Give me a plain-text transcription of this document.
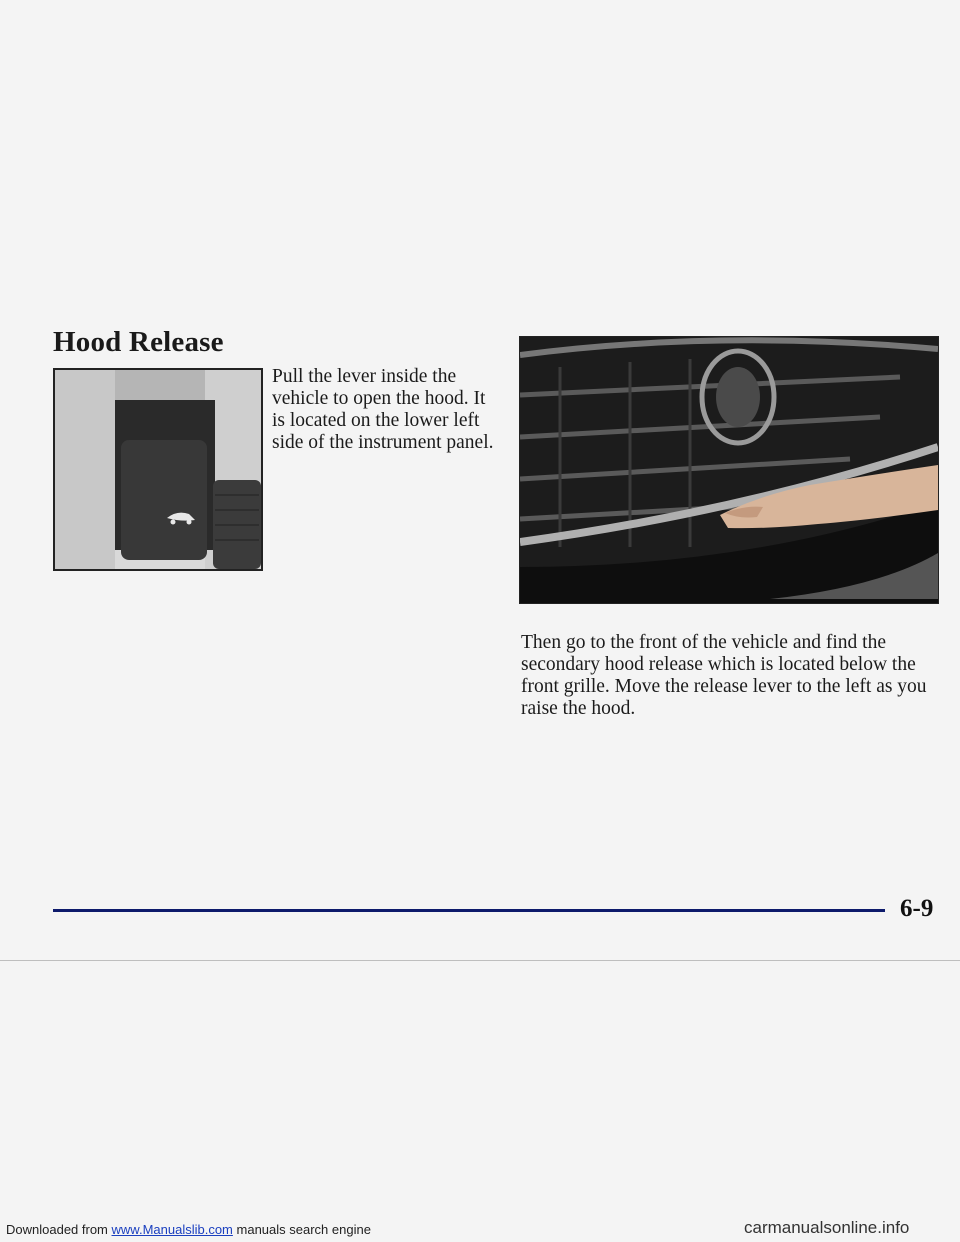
Hood Release
Pull the lever inside the vehicle to open the hood. It is located on the lower left side of the instrument panel.
Then go to the front of the vehicle and find the secondary hood release which is located below the front grille. Move the release lever to the left as you raise the hood.
6-9
Downloaded from www.Manualslib.com manuals search engine	carmanualsonline.info
